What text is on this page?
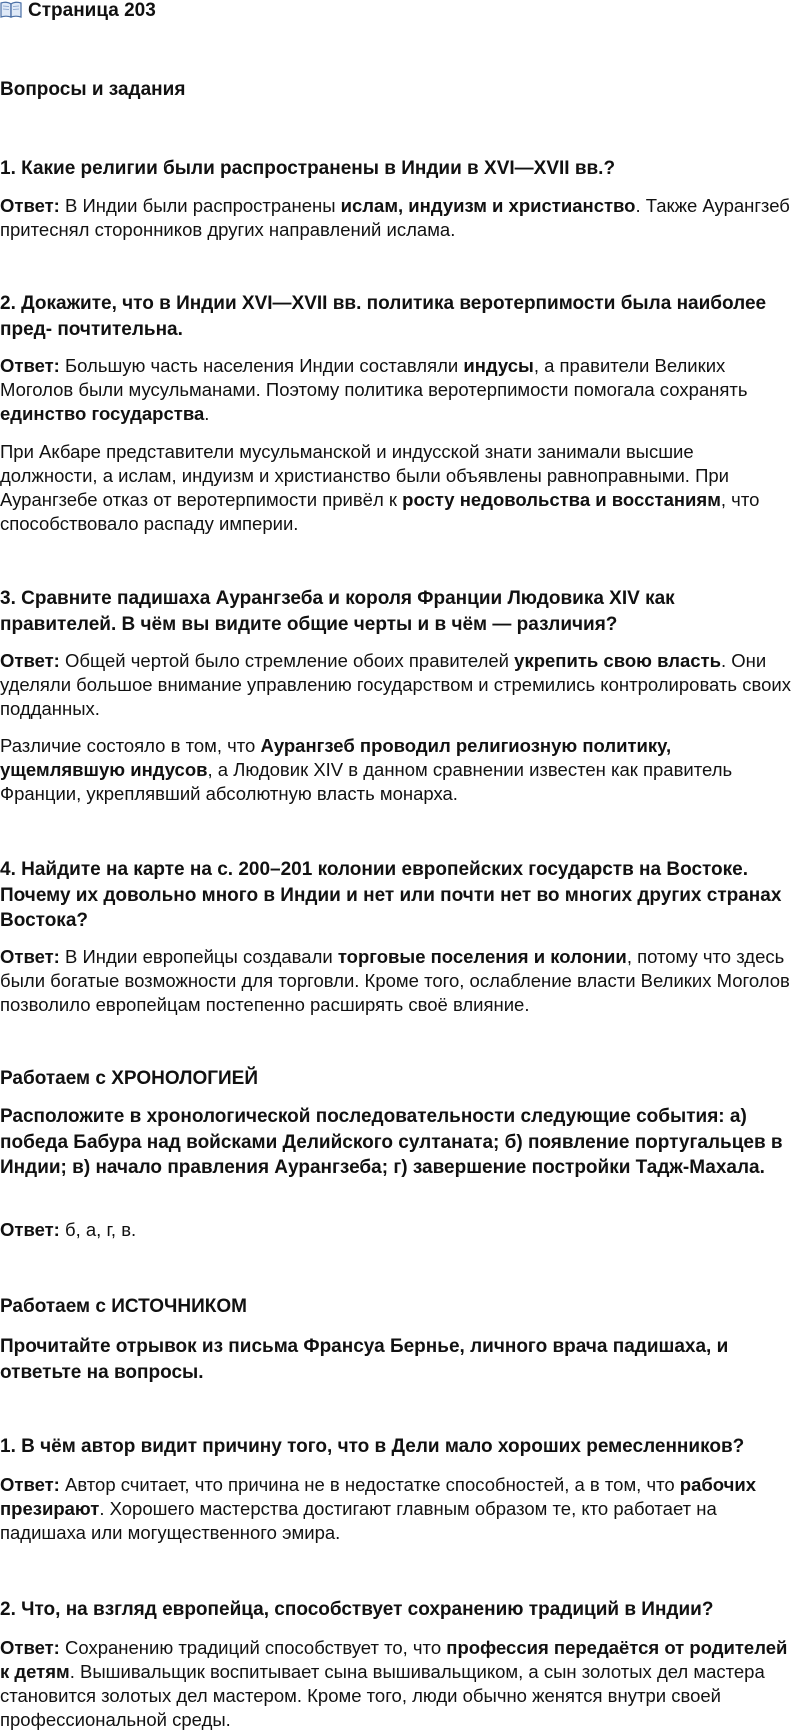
Страница 203
Вопросы и задания
1. Какие религии были распространены в Индии в XVI—XVII вв.?
Ответ: В Индии были распространены ислам, индуизм и христианство. Также Аурангзеб притеснял сторонников других направлений ислама.
2. Докажите, что в Индии XVI—XVII вв. политика веротерпимости была наиболее пред- почтительна.
Ответ: Большую часть населения Индии составляли индусы, а правители Великих Моголов были мусульманами. Поэтому политика веротерпимости помогала сохранять единство государства.
При Акбаре представители мусульманской и индусской знати занимали высшие должности, а ислам, индуизм и христианство были объявлены равноправными. При Аурангзебе отказ от веротерпимости привёл к росту недовольства и восстаниям, что способствовало распаду империи.
3. Сравните падишаха Аурангзеба и короля Франции Людовика XIV как правителей. В чём вы видите общие черты и в чём — различия?
Ответ: Общей чертой было стремление обоих правителей укрепить свою власть. Они уделяли большое внимание управлению государством и стремились контролировать своих подданных.
Различие состояло в том, что Аурангзеб проводил религиозную политику, ущемлявшую индусов, а Людовик XIV в данном сравнении известен как правитель Франции, укреплявший абсолютную власть монарха.
4. Найдите на карте на с. 200–201 колонии европейских государств на Востоке. Почему их довольно много в Индии и нет или почти нет во многих других странах Востока?
Ответ: В Индии европейцы создавали торговые поселения и колонии, потому что здесь были богатые возможности для торговли. Кроме того, ослабление власти Великих Моголов позволило европейцам постепенно расширять своё влияние.
Работаем с ХРОНОЛОГИЕЙ
Расположите в хронологической последовательности следующие события: а) победа Бабура над войсками Делийского султаната; б) появление португальцев в Индии; в) начало правления Аурангзеба; г) завершение постройки Тадж-Махала.
Ответ: б, а, г, в.
Работаем с ИСТОЧНИКОМ
Прочитайте отрывок из письма Франсуа Бернье, личного врача падишаха, и ответьте на вопросы.
1. В чём автор видит причину того, что в Дели мало хороших ремесленников?
Ответ: Автор считает, что причина не в недостатке способностей, а в том, что рабочих презирают. Хорошего мастерства достигают главным образом те, кто работает на падишаха или могущественного эмира.
2. Что, на взгляд европейца, способствует сохранению традиций в Индии?
Ответ: Сохранению традиций способствует то, что профессия передаётся от родителей к детям. Вышивальщик воспитывает сына вышивальщиком, а сын золотых дел мастера становится золотых дел мастером. Кроме того, люди обычно женятся внутри своей профессиональной среды.
